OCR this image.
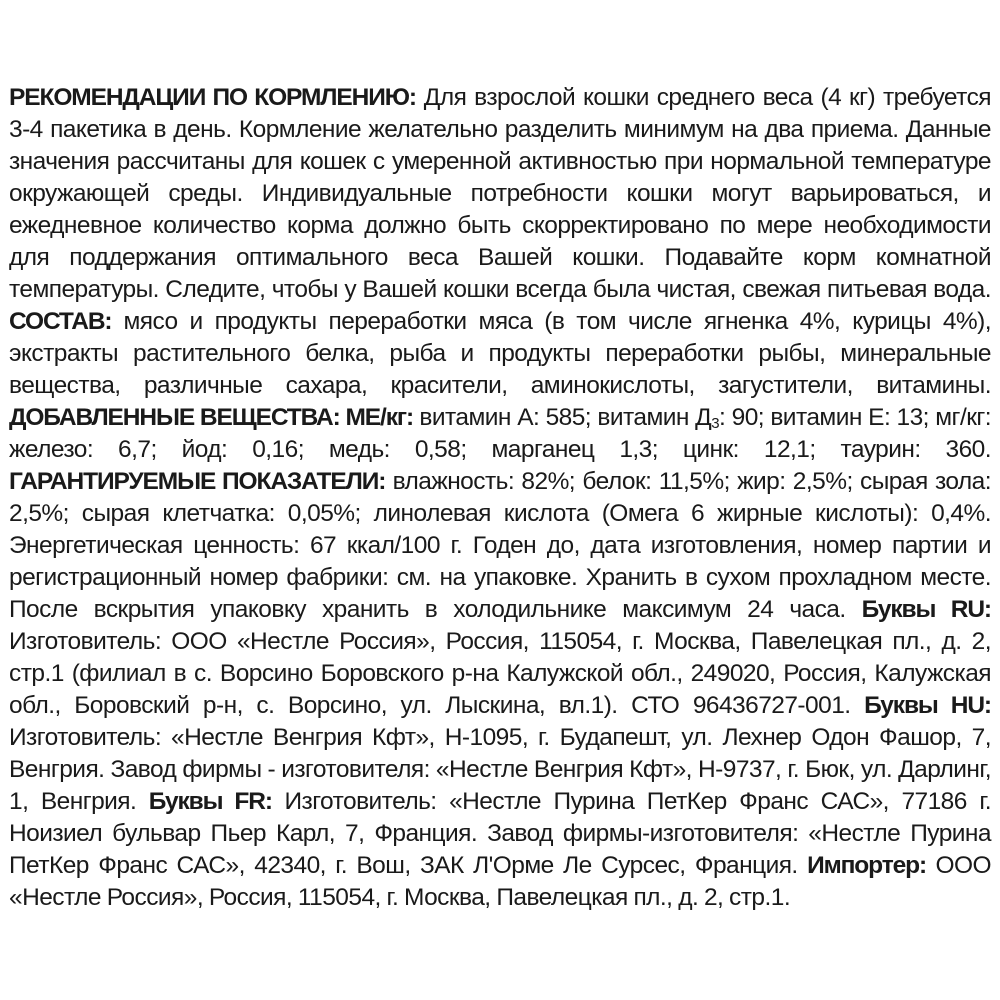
РЕКОМЕНДАЦИИ ПО КОРМЛЕНИЮ: Для взрослой кошки среднего веса (4 кг) требуется 3-4 пакетика в день. Кормление желательно разделить минимум на два приема. Данные значения рассчитаны для кошек с умеренной активностью при нормальной температуре окружающей среды. Индивидуальные потребности кошки могут варьироваться, и ежедневное количество корма должно быть скорректировано по мере необходимости для поддержания оптимального веса Вашей кошки. Подавайте корм комнатной температуры. Следите, чтобы у Вашей кошки всегда была чистая, свежая питьевая вода. СОСТАВ: мясо и продукты переработки мяса (в том числе ягненка 4%, курицы 4%), экстракты растительного белка, рыба и продукты переработки рыбы, минеральные вещества, различные сахара, красители, аминокислоты, загустители, витамины. ДОБАВЛЕННЫЕ ВЕЩЕСТВА: МЕ/кг: витамин А: 585; витамин $Д_3$: 90; витамин Е: 13; мг/кг: железо: 6,7; йод: 0,16; медь: 0,58; марганец 1,3; цинк: 12,1; таурин: 360. ГАРАНТИРУЕМЫЕ ПОКАЗАТЕЛИ: влажность: 82%; белок: 11,5%; жир: 2,5%; сырая зола: 2,5%; сырая клетчатка: 0,05%; линолевая кислота (Омега 6 жирные кислоты): 0,4%. Энергетическая ценность: 67 ккал/100 г. Годен до, дата изготовления, номер партии и регистрационный номер фабрики: см. на упаковке. Хранить в сухом прохладном месте. После вскрытия упаковку хранить в холодильнике максимум 24 часа. Буквы RU: Изготовитель: ООО «Нестле Россия», Россия, 115054, г. Москва, Павелецкая пл., д. 2, стр.1 (филиал в с. Ворсино Боровского р-на Калужской обл., 249020, Россия, Калужская обл., Боровский р-н, с. Ворсино, ул. Лыскина, вл.1). СТО 96436727-001. Буквы HU: Изготовитель: «Нестле Венгрия Кфт», H-1095, г. Будапешт, ул. Лехнер Одон Фашор, 7, Венгрия. Завод фирмы - изготовителя: «Нестле Венгрия Кфт», H-9737, г. Бюк, ул. Дарлинг, 1, Венгрия. Буквы FR: Изготовитель: «Нестле Пурина ПетКер Франс САС», 77186 г. Ноизиел бульвар Пьер Карл, 7, Франция. Завод фирмы-изготовителя: «Нестле Пурина ПетКер Франс САС», 42340, г. Вош, ЗАК Л'Орме Ле Сурсес, Франция. Импортер: ООО «Нестле Россия», Россия, 115054, г. Москва, Павелецкая пл., д. 2, стр.1.
